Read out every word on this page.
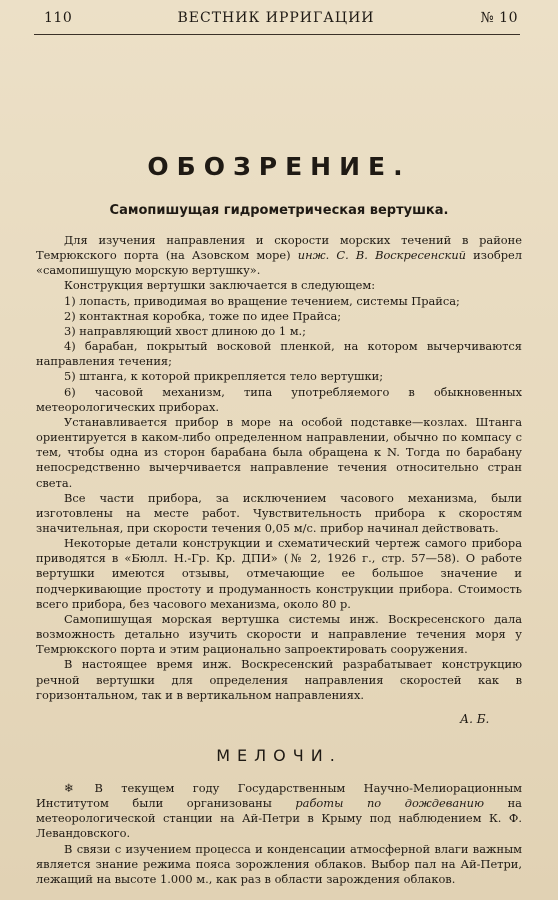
110	ВЕСТНИК ИРРИГАЦИИ	№ 10
ОБОЗРЕНИЕ.
Самопишущая гидрометрическая вертушка.

Для изучения направления и скорости морских течений в районе Темрюкского порта (на Азовском море) инж. С. В. Воскресенский изобрел «самопишущую морскую вертушку».

Конструкция вертушки заключается в следующем:

1) лопасть, приводимая во вращение течением, системы Прайса;

2) контактная коробка, тоже по идее Прайса;

3) направляющий хвост длиною до 1 м.;

4) барабан, покрытый восковой пленкой, на котором вычерчиваются направления течения;

5) штанга, к которой прикрепляется тело вертушки;

6) часовой механизм, типа употребляемого в обыкновенных метеорологических приборах.

Устанавливается прибор в море на особой подставке—козлах. Штанга ориентируется в каком-либо определенном направлении, обычно по компасу с тем, чтобы одна из сторон барабана была обращена к N. Тогда по барабану непосредственно вычерчивается направление течения относительно стран света.

Все части прибора, за исключением часового механизма, были изготовлены на месте работ. Чувствительность прибора к скоростям значительная, при скорости течения 0,05 м/с. прибор начинал действовать.

Некоторые детали конструкции и схематический чертеж самого прибора приводятся в «Бюлл. Н.-Гр. Кр. ДПИ» (№ 2, 1926 г., стр. 57—58). О работе вертушки имеются отзывы, отмечающие ее большое значение и подчеркивающие простоту и продуманность конструкции прибора. Стоимость всего прибора, без часового механизма, около 80 р.

Самопишущая морская вертушка системы инж. Воскресенского дала возможность детально изучить скорости и направление течения моря у Темрюкского порта и этим рационально запроектировать сооружения.

В настоящее время инж. Воскресенский разрабатывает конструкцию речной вертушки для определения направления скоростей как в горизонтальном, так и в вертикальном направлениях.

А. Б.
МЕЛОЧИ.

❄ В текущем году Государственным Научно-Мелиорационным Институтом были организованы работы по дождеванию на метеорологической станции на Ай-Петри в Крыму под наблюдением К. Ф. Левандовского.

В связи с изучением процесса и конденсации атмосферной влаги важным является знание режима пояса зорожления облаков. Выбор пал на Ай-Петри, лежащий на высоте 1.000 м., как раз в области зарождения облаков.
